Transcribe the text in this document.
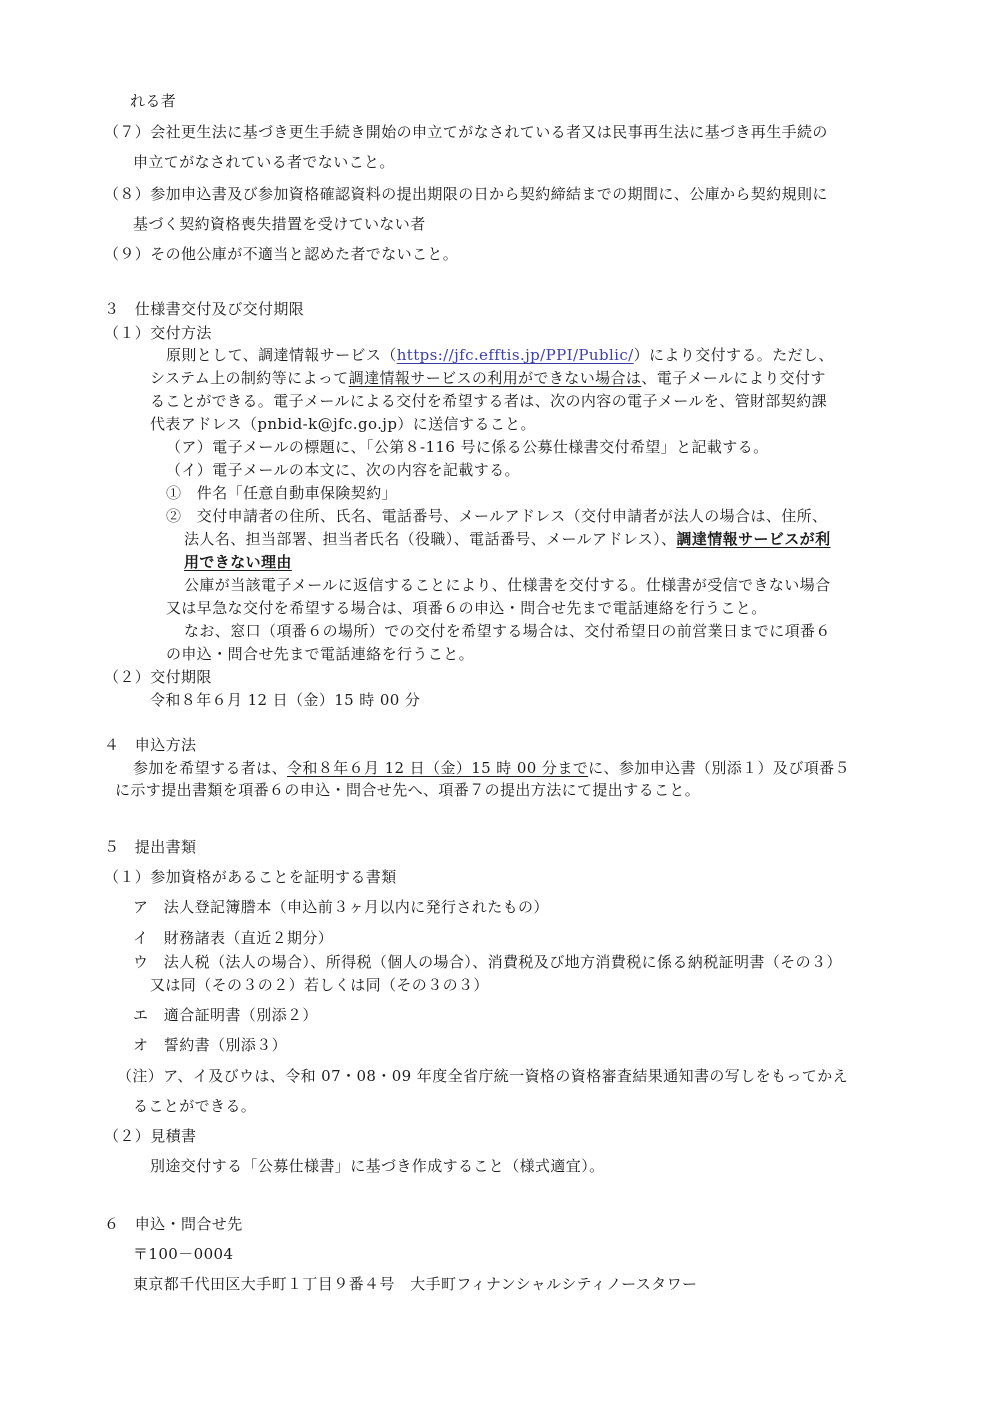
れる者
（７）会社更生法に基づき更生手続き開始の申立てがなされている者又は民事再生法に基づき再生手続の
申立てがなされている者でないこと。
（８）参加申込書及び参加資格確認資料の提出期限の日から契約締結までの期間に、公庫から契約規則に
基づく契約資格喪失措置を受けていない者
（９）その他公庫が不適当と認めた者でないこと。
３　仕様書交付及び交付期限
（１）交付方法
原則として、調達情報サービス（https://jfc.efftis.jp/PPI/Public/）により交付する。ただし、
システム上の制約等によって調達情報サービスの利用ができない場合は、電子メールにより交付す
ることができる。電子メールによる交付を希望する者は、次の内容の電子メールを、管財部契約課
代表アドレス（pnbid-k@jfc.go.jp）に送信すること。
（ア）電子メールの標題に、「公第８-116 号に係る公募仕様書交付希望」と記載する。
（イ）電子メールの本文に、次の内容を記載する。
①　件名「任意自動車保険契約」
②　交付申請者の住所、氏名、電話番号、メールアドレス（交付申請者が法人の場合は、住所、
法人名、担当部署、担当者氏名（役職）、電話番号、メールアドレス）、調達情報サービスが利
用できない理由
公庫が当該電子メールに返信することにより、仕様書を交付する。仕様書が受信できない場合
又は早急な交付を希望する場合は、項番６の申込・問合せ先まで電話連絡を行うこと。
なお、窓口（項番６の場所）での交付を希望する場合は、交付希望日の前営業日までに項番６
の申込・問合せ先まで電話連絡を行うこと。
（２）交付期限
令和８年６月 12 日（金）15 時 00 分
４　申込方法
参加を希望する者は、令和８年６月 12 日（金）15 時 00 分までに、参加申込書（別添１）及び項番５
に示す提出書類を項番６の申込・問合せ先へ、項番７の提出方法にて提出すること。
５　提出書類
（１）参加資格があることを証明する書類
ア　法人登記簿謄本（申込前３ヶ月以内に発行されたもの）
イ　財務諸表（直近２期分）
ウ　法人税（法人の場合）、所得税（個人の場合）、消費税及び地方消費税に係る納税証明書（その３）
又は同（その３の２）若しくは同（その３の３）
エ　適合証明書（別添２）
オ　誓約書（別添３）
（注）ア、イ及びウは、令和 07・08・09 年度全省庁統一資格の資格審査結果通知書の写しをもってかえ
ることができる。
（２）見積書
別途交付する「公募仕様書」に基づき作成すること（様式適宜）。
６　申込・問合せ先
〒100－0004
東京都千代田区大手町１丁目９番４号　大手町フィナンシャルシティノースタワー
